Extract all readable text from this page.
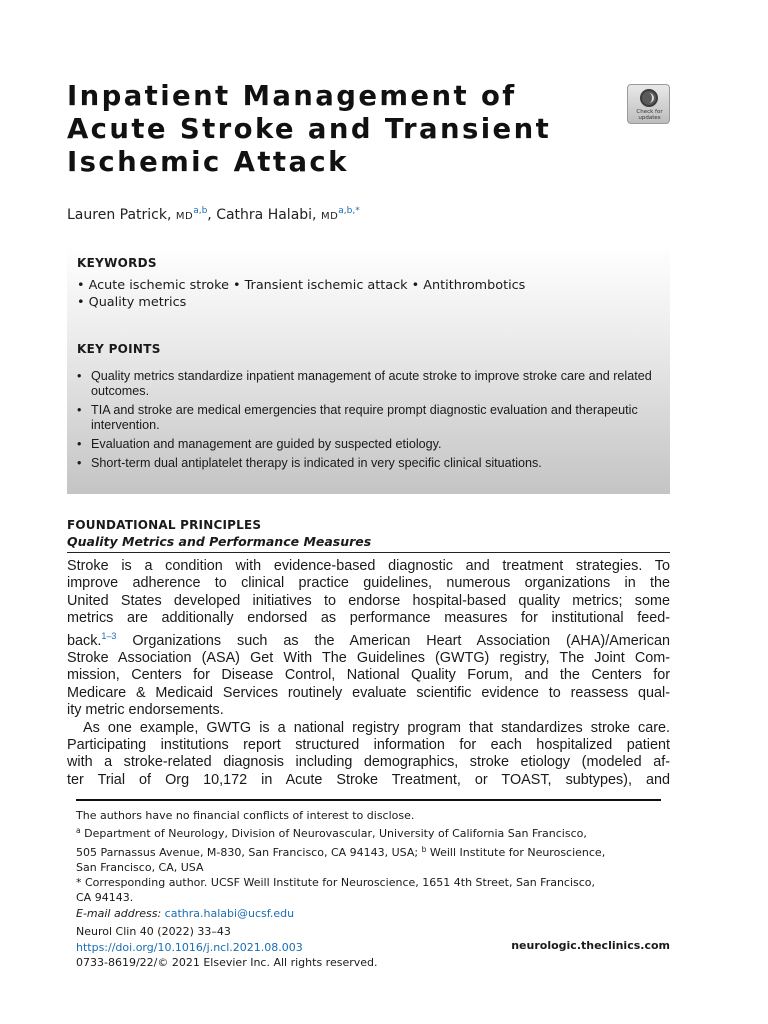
Inpatient Management of
Acute Stroke and Transient
Ischemic Attack
Check for
updates
Lauren Patrick, MD$^{a,b}$, Cathra Halabi, $MD^{a,b,*}$
KEYWORDS
• Acute ischemic stroke • Transient ischemic attack • Antithrombotics
• Quality metrics
KEY POINTS
• Quality metrics standardize inpatient management of acute stroke to improve stroke care and related outcomes.
• TIA and stroke are medical emergencies that require prompt diagnostic evaluation and therapeutic intervention.
• Evaluation and management are guided by suspected etiology.
• Short-term dual antiplatelet therapy is indicated in very specific clinical situations.
FOUNDATIONAL PRINCIPLES
Quality Metrics and Performance Measures
Stroke is a condition with evidence-based diagnostic and treatment strategies. To
improve adherence to clinical practice guidelines, numerous organizations in the
United States developed initiatives to endorse hospital-based quality metrics; some
metrics are additionally endorsed as performance measures for institutional feed-
back.$^{1-3}$ Organizations such as the American Heart Association (AHA)/American
Stroke Association (ASA) Get With The Guidelines (GWTG) registry, The Joint Com-
mission, Centers for Disease Control, National Quality Forum, and the Centers for
Medicare & Medicaid Services routinely evaluate scientific evidence to reassess qual-
ity metric endorsements.
As one example, GWTG is a national registry program that standardizes stroke care.
Participating institutions report structured information for each hospitalized patient
with a stroke-related diagnosis including demographics, stroke etiology (modeled af-
ter Trial of Org 10,172 in Acute Stroke Treatment, or TOAST, subtypes), and
The authors have no financial conflicts of interest to disclose.
$^a$ Department of Neurology, Division of Neurovascular, University of California San Francisco,
505 Parnassus Avenue, M-830, San Francisco, CA 94143, USA; $^b$ Weill Institute for Neuroscience,
San Francisco, CA, USA
* Corresponding author. UCSF Weill Institute for Neuroscience, 1651 4th Street, San Francisco,
CA 94143.
E-mail address: cathra.halabi@ucsf.edu
Neurol Clin 40 (2022) 33–43
https://doi.org/10.1016/j.ncl.2021.08.003
0733-8619/22/© 2021 Elsevier Inc. All rights reserved.
neurologic.theclinics.com
